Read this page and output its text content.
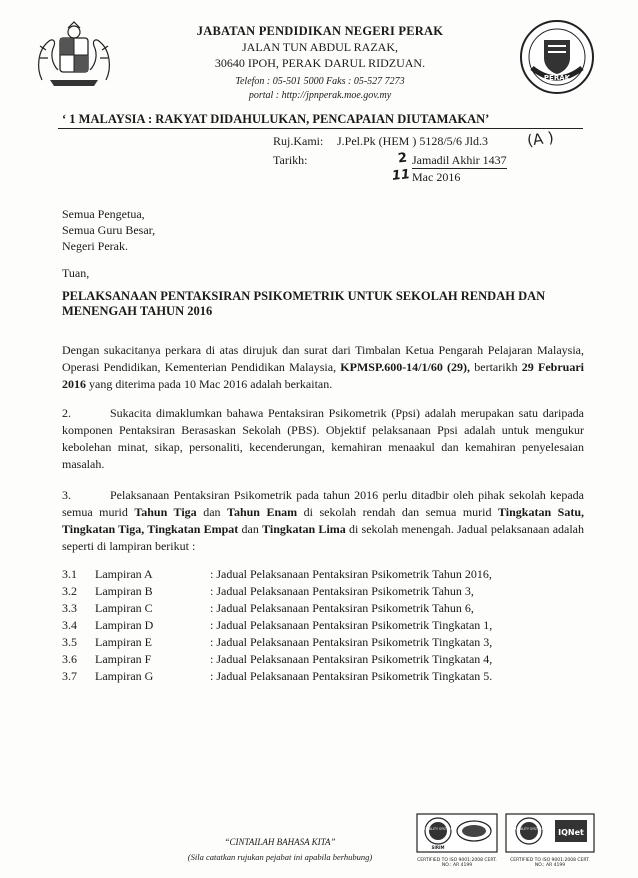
JABATAN PENDIDIKAN NEGERI PERAK
JALAN TUN ABDUL RAZAK,
30640 IPOH, PERAK DARUL RIDZUAN.
Telefon : 05-501 5000 Faks : 05-527 7273
portal : http://jpnperak.moe.gov.my
PERAK
‘ 1 MALAYSIA : RAKYAT DIDAHULUKAN, PENCAPAIAN DIUTAMAKAN’
Ruj.Kami: J.Pel.Pk (HEM ) 5128/5/6 Jld.3	(A )
Tarikh:	2 Jamadil Akhir 1437
11 Mac 2016
Semua Pengetua,
Semua Guru Besar,
Negeri Perak.
Tuan,
PELAKSANAAN PENTAKSIRAN PSIKOMETRIK UNTUK SEKOLAH RENDAH DAN MENENGAH TAHUN 2016
Dengan sukacitanya perkara di atas dirujuk dan surat dari Timbalan Ketua Pengarah Pelajaran Malaysia, Operasi Pendidikan, Kementerian Pendidikan Malaysia, KPMSP.600-14/1/60 (29), bertarikh 29 Februari 2016 yang diterima pada 10 Mac 2016 adalah berkaitan.
2.	Sukacita dimaklumkan bahawa Pentaksiran Psikometrik (Ppsi) adalah merupakan satu daripada komponen Pentaksiran Berasaskan Sekolah (PBS). Objektif pelaksanaan Ppsi adalah untuk mengukur kebolehan minat, sikap, personaliti, kecenderungan, kemahiran menaakul dan kemahiran penyelesaian masalah.
3.	Pelaksanaan Pentaksiran Psikometrik pada tahun 2016 perlu ditadbir oleh pihak sekolah kepada semua murid Tahun Tiga dan Tahun Enam di sekolah rendah dan semua murid Tingkatan Satu, Tingkatan Tiga, Tingkatan Empat dan Tingkatan Lima di sekolah menengah. Jadual pelaksanaan adalah seperti di lampiran berikut :
3.1 Lampiran A	: Jadual Pelaksanaan Pentaksiran Psikometrik Tahun 2016,
3.2 Lampiran B	: Jadual Pelaksanaan Pentaksiran Psikometrik Tahun 3,
3.3 Lampiran C	: Jadual Pelaksanaan Pentaksiran Psikometrik Tahun 6,
3.4 Lampiran D	: Jadual Pelaksanaan Pentaksiran Psikometrik Tingkatan 1,
3.5 Lampiran E	: Jadual Pelaksanaan Pentaksiran Psikometrik Tingkatan 3,
3.6 Lampiran F	: Jadual Pelaksanaan Pentaksiran Psikometrik Tingkatan 4,
3.7 Lampiran G	: Jadual Pelaksanaan Pentaksiran Psikometrik Tingkatan 5.
“CINTAILAH BAHASA KITA”
(Sila catatkan rujukan pejabat ini apabila berhubung)
QUALITY SYSTEM
SIRIM
CERTIFIED TO ISO 9001:2008 CERT. NO.: AR 4199
QUALITY SYSTEM IQNet
CERTIFIED TO ISO 9001:2008 CERT. NO.: AR 4199
